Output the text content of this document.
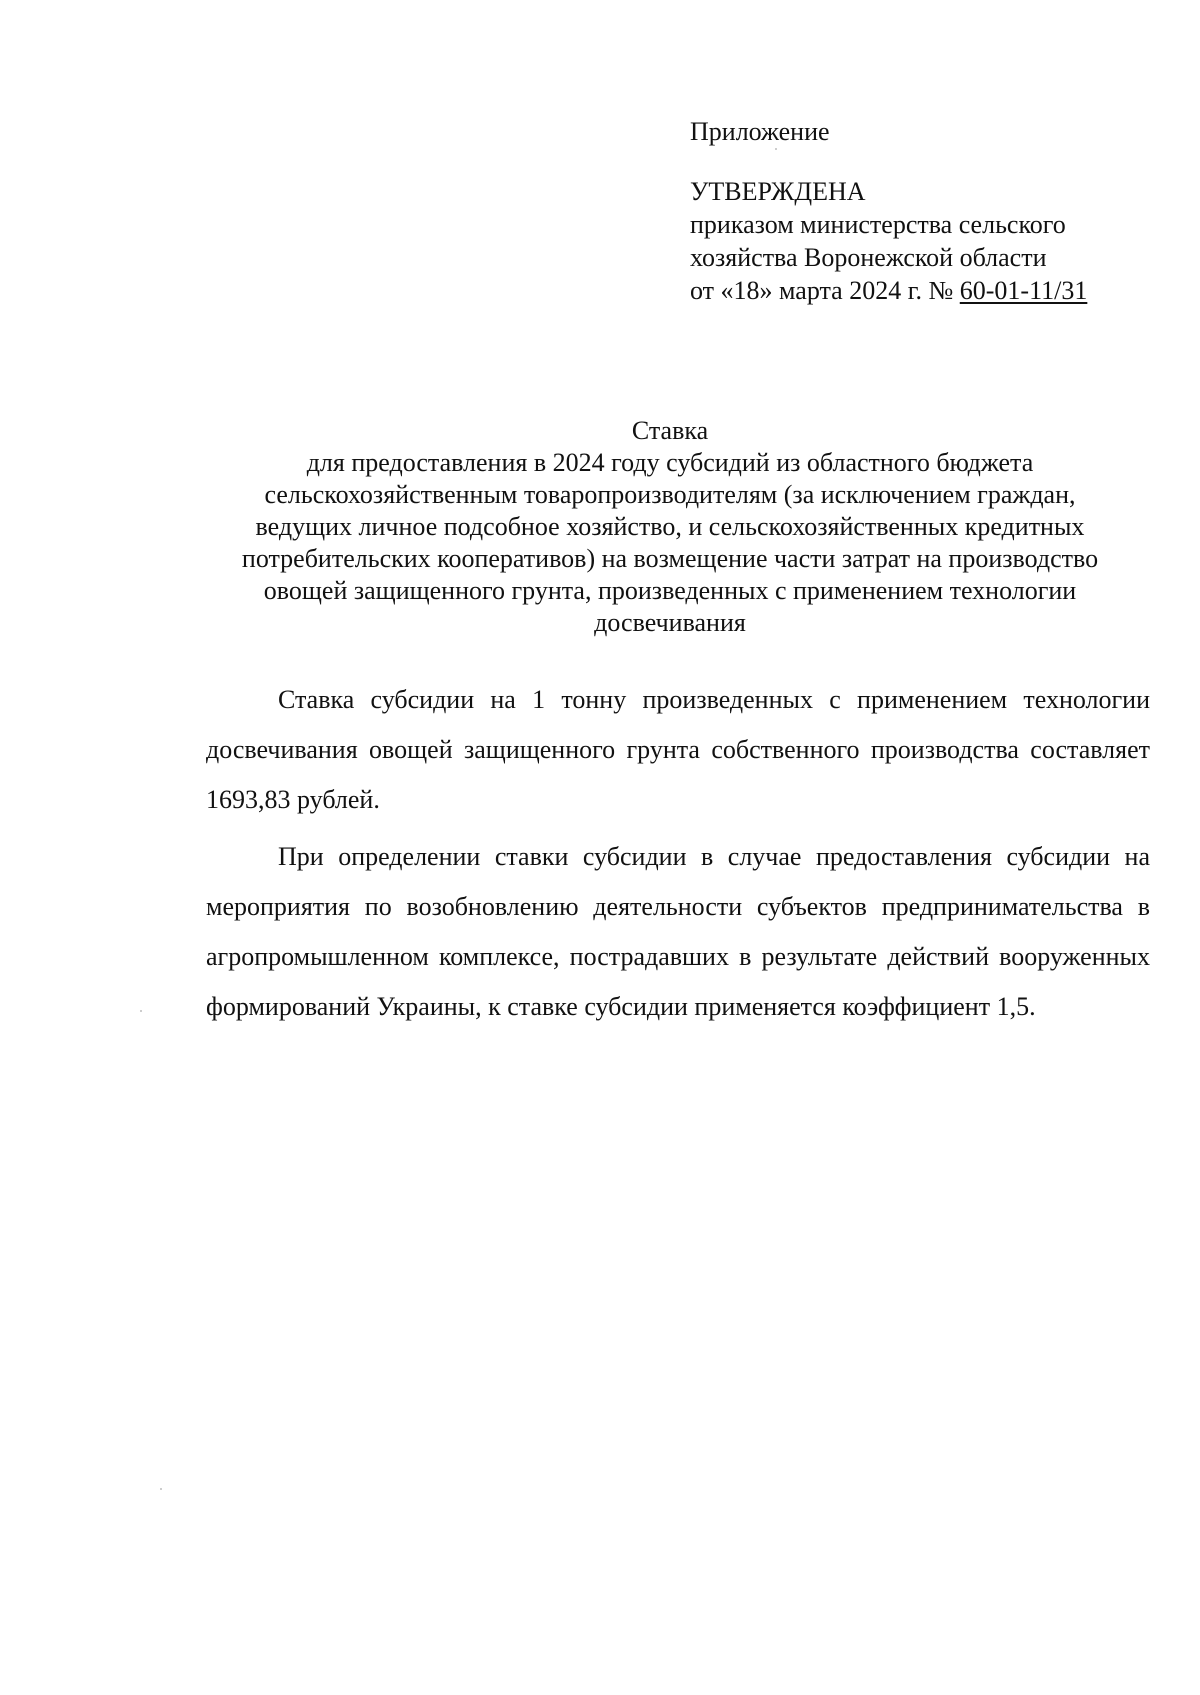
Приложение
УТВЕРЖДЕНА
приказом министерства сельского
хозяйства Воронежской области
от «18» марта 2024 г. № 60-01-11/31
Ставка
для предоставления в 2024 году субсидий из областного бюджета
сельскохозяйственным товаропроизводителям (за исключением граждан,
ведущих личное подсобное хозяйство, и сельскохозяйственных кредитных
потребительских кооперативов) на возмещение части затрат на производство
овощей защищенного грунта, произведенных с применением технологии
досвечивания

Ставка субсидии на 1 тонну произведенных с применением технологии досвечивания овощей защищенного грунта собственного производства составляет 1693,83 рублей.

При определении ставки субсидии в случае предоставления субсидии на мероприятия по возобновлению деятельности субъектов предпринимательства в агропромышленном комплексе, пострадавших в результате действий вооруженных формирований Украины, к ставке субсидии применяется коэффициент 1,5.
